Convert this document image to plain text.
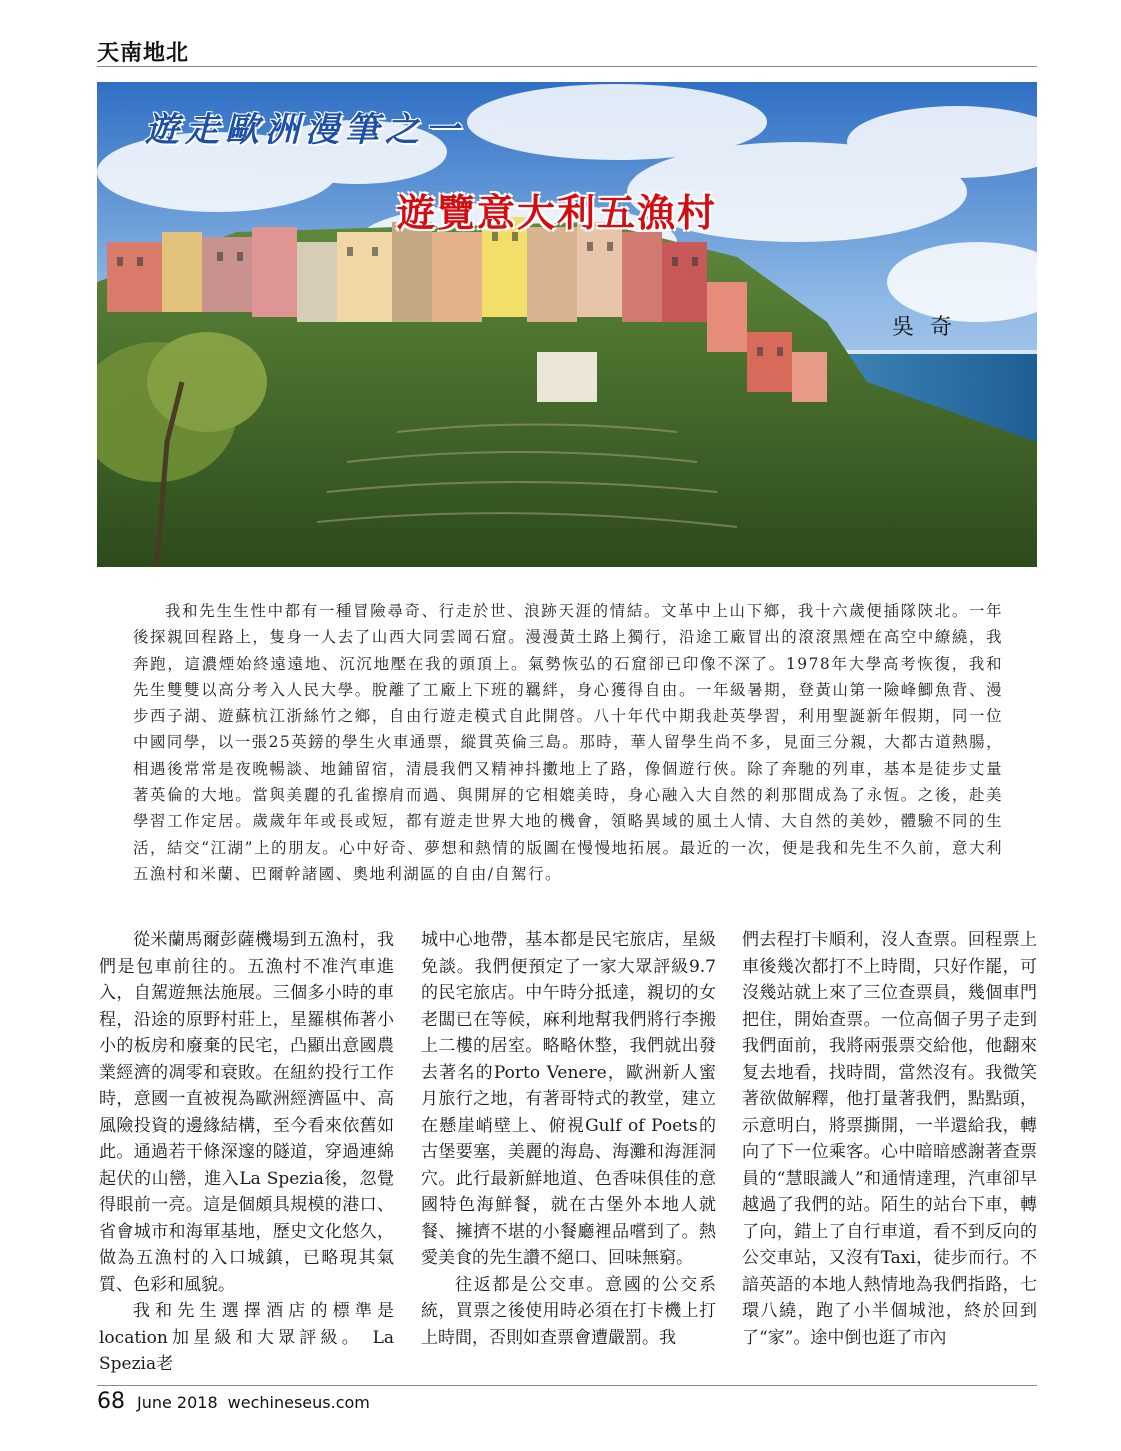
天南地北
遊走歐洲漫筆之一
遊覽意大利五漁村
吳奇

我和先生生性中都有一種冒險尋奇、行走於世、浪跡天涯的情結。文革中上山下鄉，我十六歲便插隊陝北。一年後探親回程路上，隻身一人去了山西大同雲岡石窟。漫漫黃土路上獨行，沿途工廠冒出的滾滾黑煙在高空中繚繞，我奔跑，這濃煙始終遠遠地、沉沉地壓在我的頭頂上。氣勢恢弘的石窟卻已印像不深了。1978年大學高考恢復，我和先生雙雙以高分考入人民大學。脫離了工廠上下班的羈絆，身心獲得自由。一年級暑期，登黃山第一險峰鯽魚背、漫步西子湖、遊蘇杭江浙絲竹之鄉，自由行遊走模式自此開啓。八十年代中期我赴英學習，利用聖誕新年假期，同一位中國同學，以一張25英鎊的學生火車通票，縱貫英倫三島。那時，華人留學生尚不多，見面三分親，大都古道熱腸，相遇後常常是夜晚暢談、地鋪留宿，清晨我們又精神抖擻地上了路，像個遊行俠。除了奔馳的列車，基本是徒步丈量著英倫的大地。當與美麗的孔雀擦肩而過、與開屏的它相媲美時，身心融入大自然的剎那間成為了永恆。之後，赴美學習工作定居。歲歲年年或長或短，都有遊走世界大地的機會，領略異域的風土人情、大自然的美妙，體驗不同的生活，結交“江湖”上的朋友。心中好奇、夢想和熱情的版圖在慢慢地拓展。最近的一次，便是我和先生不久前，意大利五漁村和米蘭、巴爾幹諸國、奧地利湖區的自由/自駕行。

從米蘭馬爾彭薩機場到五漁村，我們是包車前往的。五漁村不准汽車進入，自駕遊無法施展。三個多小時的車程，沿途的原野村莊上，星羅棋佈著小小的板房和廢棄的民宅，凸顯出意國農業經濟的凋零和衰敗。在紐約投行工作時，意國一直被視為歐洲經濟區中、高風險投資的邊緣結構，至今看來依舊如此。通過若干條深邃的隧道，穿過連綿起伏的山巒，進入La Spezia後，忽覺得眼前一亮。這是個頗具規模的港口、省會城市和海軍基地，歷史文化悠久，做為五漁村的入口城鎮，已略現其氣質、色彩和風貌。

我和先生選擇酒店的標準是location加星級和大眾評級。 La Spezia老

城中心地帶，基本都是民宅旅店，星級免談。我們便預定了一家大眾評級9.7的民宅旅店。中午時分抵達，親切的女老闆已在等候，麻利地幫我們將行李搬上二樓的居室。略略休整，我們就出發去著名的Porto Venere，歐洲新人蜜月旅行之地，有著哥特式的教堂，建立在懸崖峭壁上、俯視Gulf of Poets的古堡要塞，美麗的海島、海灘和海涯洞穴。此行最新鮮地道、色香味俱佳的意國特色海鮮餐，就在古堡外本地人就餐、擁擠不堪的小餐廳裡品嚐到了。熱愛美食的先生讚不絕口、回味無窮。

往返都是公交車。意國的公交系統，買票之後使用時必須在打卡機上打上時間，否則如查票會遭嚴罰。我

們去程打卡順利，沒人查票。回程票上車後幾次都打不上時間，只好作罷，可沒幾站就上來了三位查票員，幾個車門把住，開始查票。一位高個子男子走到我們面前，我將兩張票交給他，他翻來复去地看，找時間，當然沒有。我微笑著欲做解釋，他打量著我們，點點頭，示意明白，將票撕開，一半還給我，轉向了下一位乘客。心中暗暗感謝著查票員的“慧眼識人”和通情達理，汽車卻早越過了我們的站。陌生的站台下車，轉了向，錯上了自行車道，看不到反向的公交車站，又沒有Taxi，徒步而行。不諳英語的本地人熱情地為我們指路，七環八繞，跑了小半個城池，終於回到了“家”。途中倒也逛了市內

68 June 2018 wechineseus.com
